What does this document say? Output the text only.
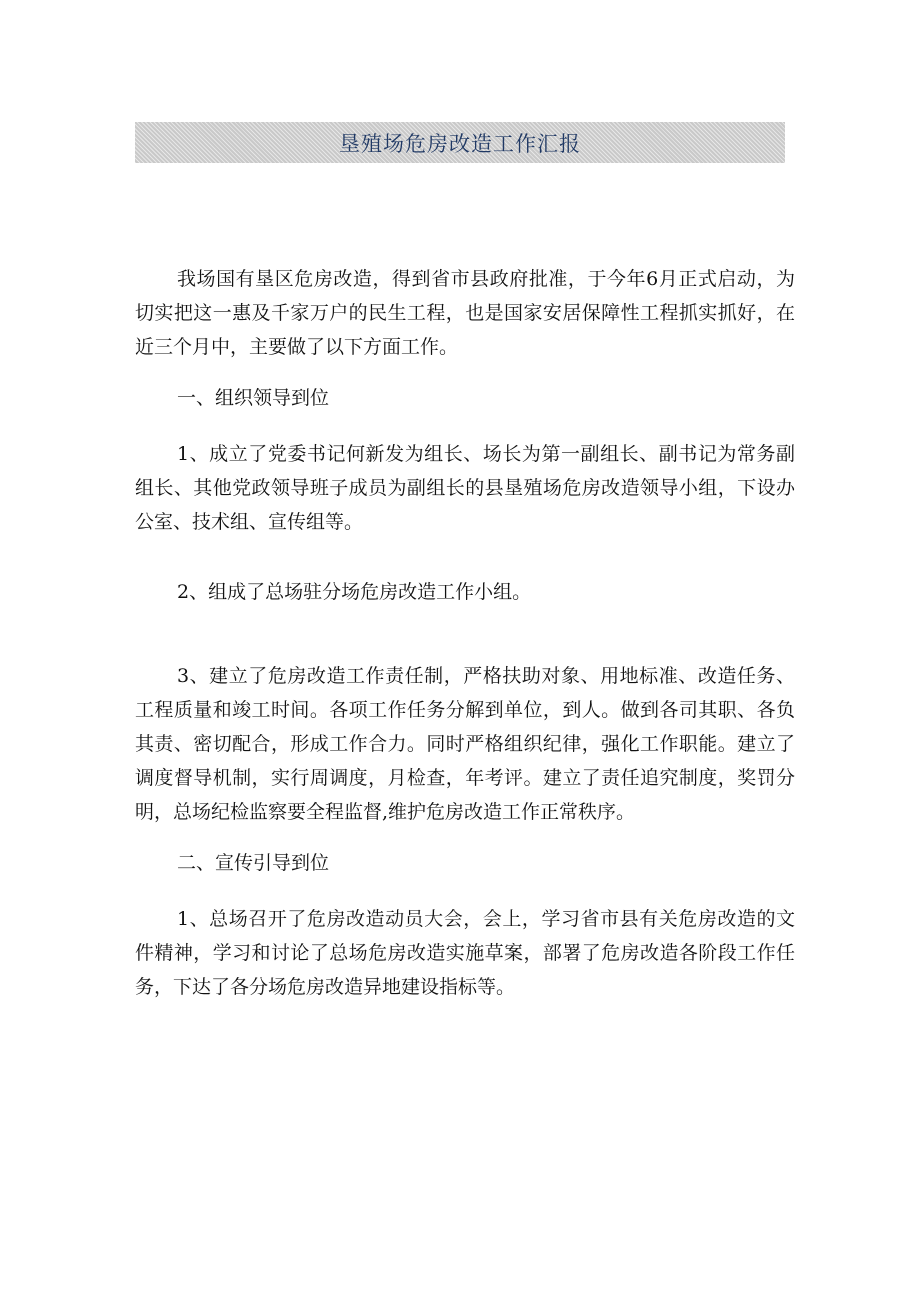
垦殖场危房改造工作汇报

我场国有垦区危房改造，得到省市县政府批准，于今年6月正式启动，为切实把这一惠及千家万户的民生工程，也是国家安居保障性工程抓实抓好，在近三个月中，主要做了以下方面工作。

一、组织领导到位

1、成立了党委书记何新发为组长、场长为第一副组长、副书记为常务副组长、其他党政领导班子成员为副组长的县垦殖场危房改造领导小组，下设办公室、技术组、宣传组等。

2、组成了总场驻分场危房改造工作小组。

3、建立了危房改造工作责任制，严格扶助对象、用地标准、改造任务、工程质量和竣工时间。各项工作任务分解到单位，到人。做到各司其职、各负其责、密切配合，形成工作合力。同时严格组织纪律，强化工作职能。建立了调度督导机制，实行周调度，月检查，年考评。建立了责任追究制度，奖罚分明，总场纪检监察要全程监督,维护危房改造工作正常秩序。

二、宣传引导到位

1、总场召开了危房改造动员大会，会上，学习省市县有关危房改造的文件精神，学习和讨论了总场危房改造实施草案，部署了危房改造各阶段工作任务，下达了各分场危房改造异地建设指标等。
